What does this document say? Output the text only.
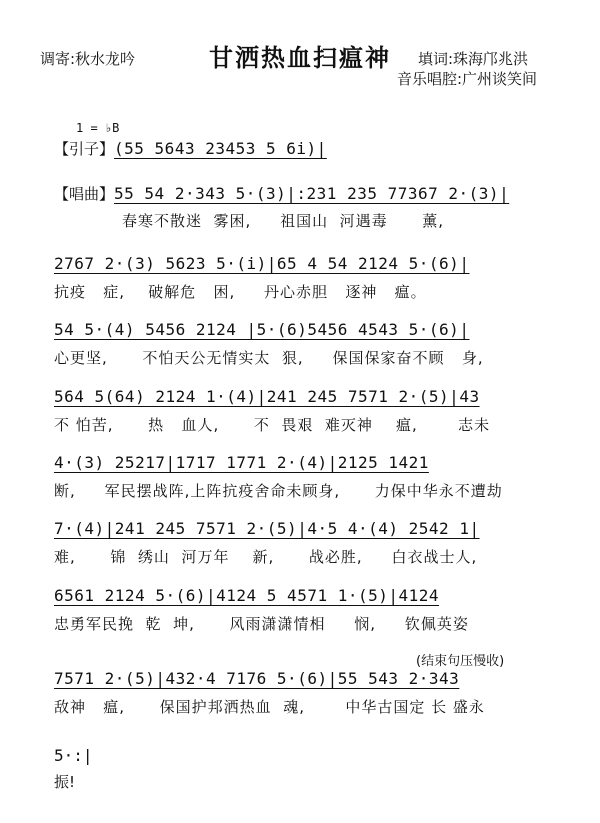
调寄:秋水龙吟	甘洒热血扫瘟神	填词:珠海邝兆洪
音乐唱腔:广州谈笑间
1 = ♭B
【引子】(55 5643 23453 5 6i)|
【唱曲】55 54 2·343 5·(3)|:231 235 77367 2·(3)|
春寒不散迷  雾困,     祖国山  河遇毒      薰,
2767 2·(3) 5623 5·(i)|65 4 54 2124 5·(6)|
抗疫   症,    破解危   困,     丹心赤胆   逐神   瘟。
54 5·(4) 5456 2124 |5·(6)5456 4543 5·(6)|
心更坚,      不怕天公无情实太  狠,     保国保家奋不顾   身,
564 5(64) 2124 1·(4)|241 245 7571 2·(5)|43
不 怕苦,      热   血人,      不  畏艰  难灭神    瘟,       志未
4·(3) 25217|1717 1771 2·(4)|2125 1421
断,     军民摆战阵,上阵抗疫舍命未顾身,      力保中华永不遭劫
7·(4)|241 245 7571 2·(5)|4·5 4·(4) 2542 1|
难,      锦  绣山  河万年    新,      战必胜,     白衣战士人,
6561 2124 5·(6)|4124 5 4571 1·(5)|4124
忠勇军民挽  乾  坤,      风雨潇潇情相     悯,     钦佩英姿
(结束句压慢收)
7571 2·(5)|432·4 7176 5·(6)|55 543 2·343
敌神   瘟,      保国护邦洒热血  魂,       中华古国定 长 盛永
5·:|
振!
